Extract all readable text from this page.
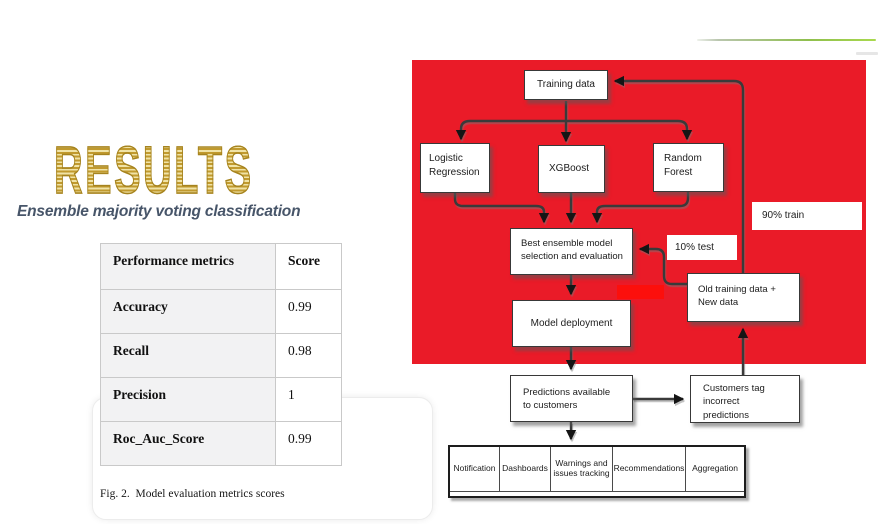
RESULTS
Ensemble majority voting classification
Performance metrics	Score
Accuracy	0.99
Recall	0.98
Precision	1
Roc_Auc_Score	0.99
Fig. 2.  Model evaluation metrics scores
Training data
Logistic
Regression	XGBoost
Random
Forest
90% train
10% test
Best ensemble model
selection and evaluation
Old training data +
New data
Model deployment
Predictions available
to customers
Customers tag
incorrect
predictions
Notification Dashboards Warnings and issues tracking Recommendations Aggregation
